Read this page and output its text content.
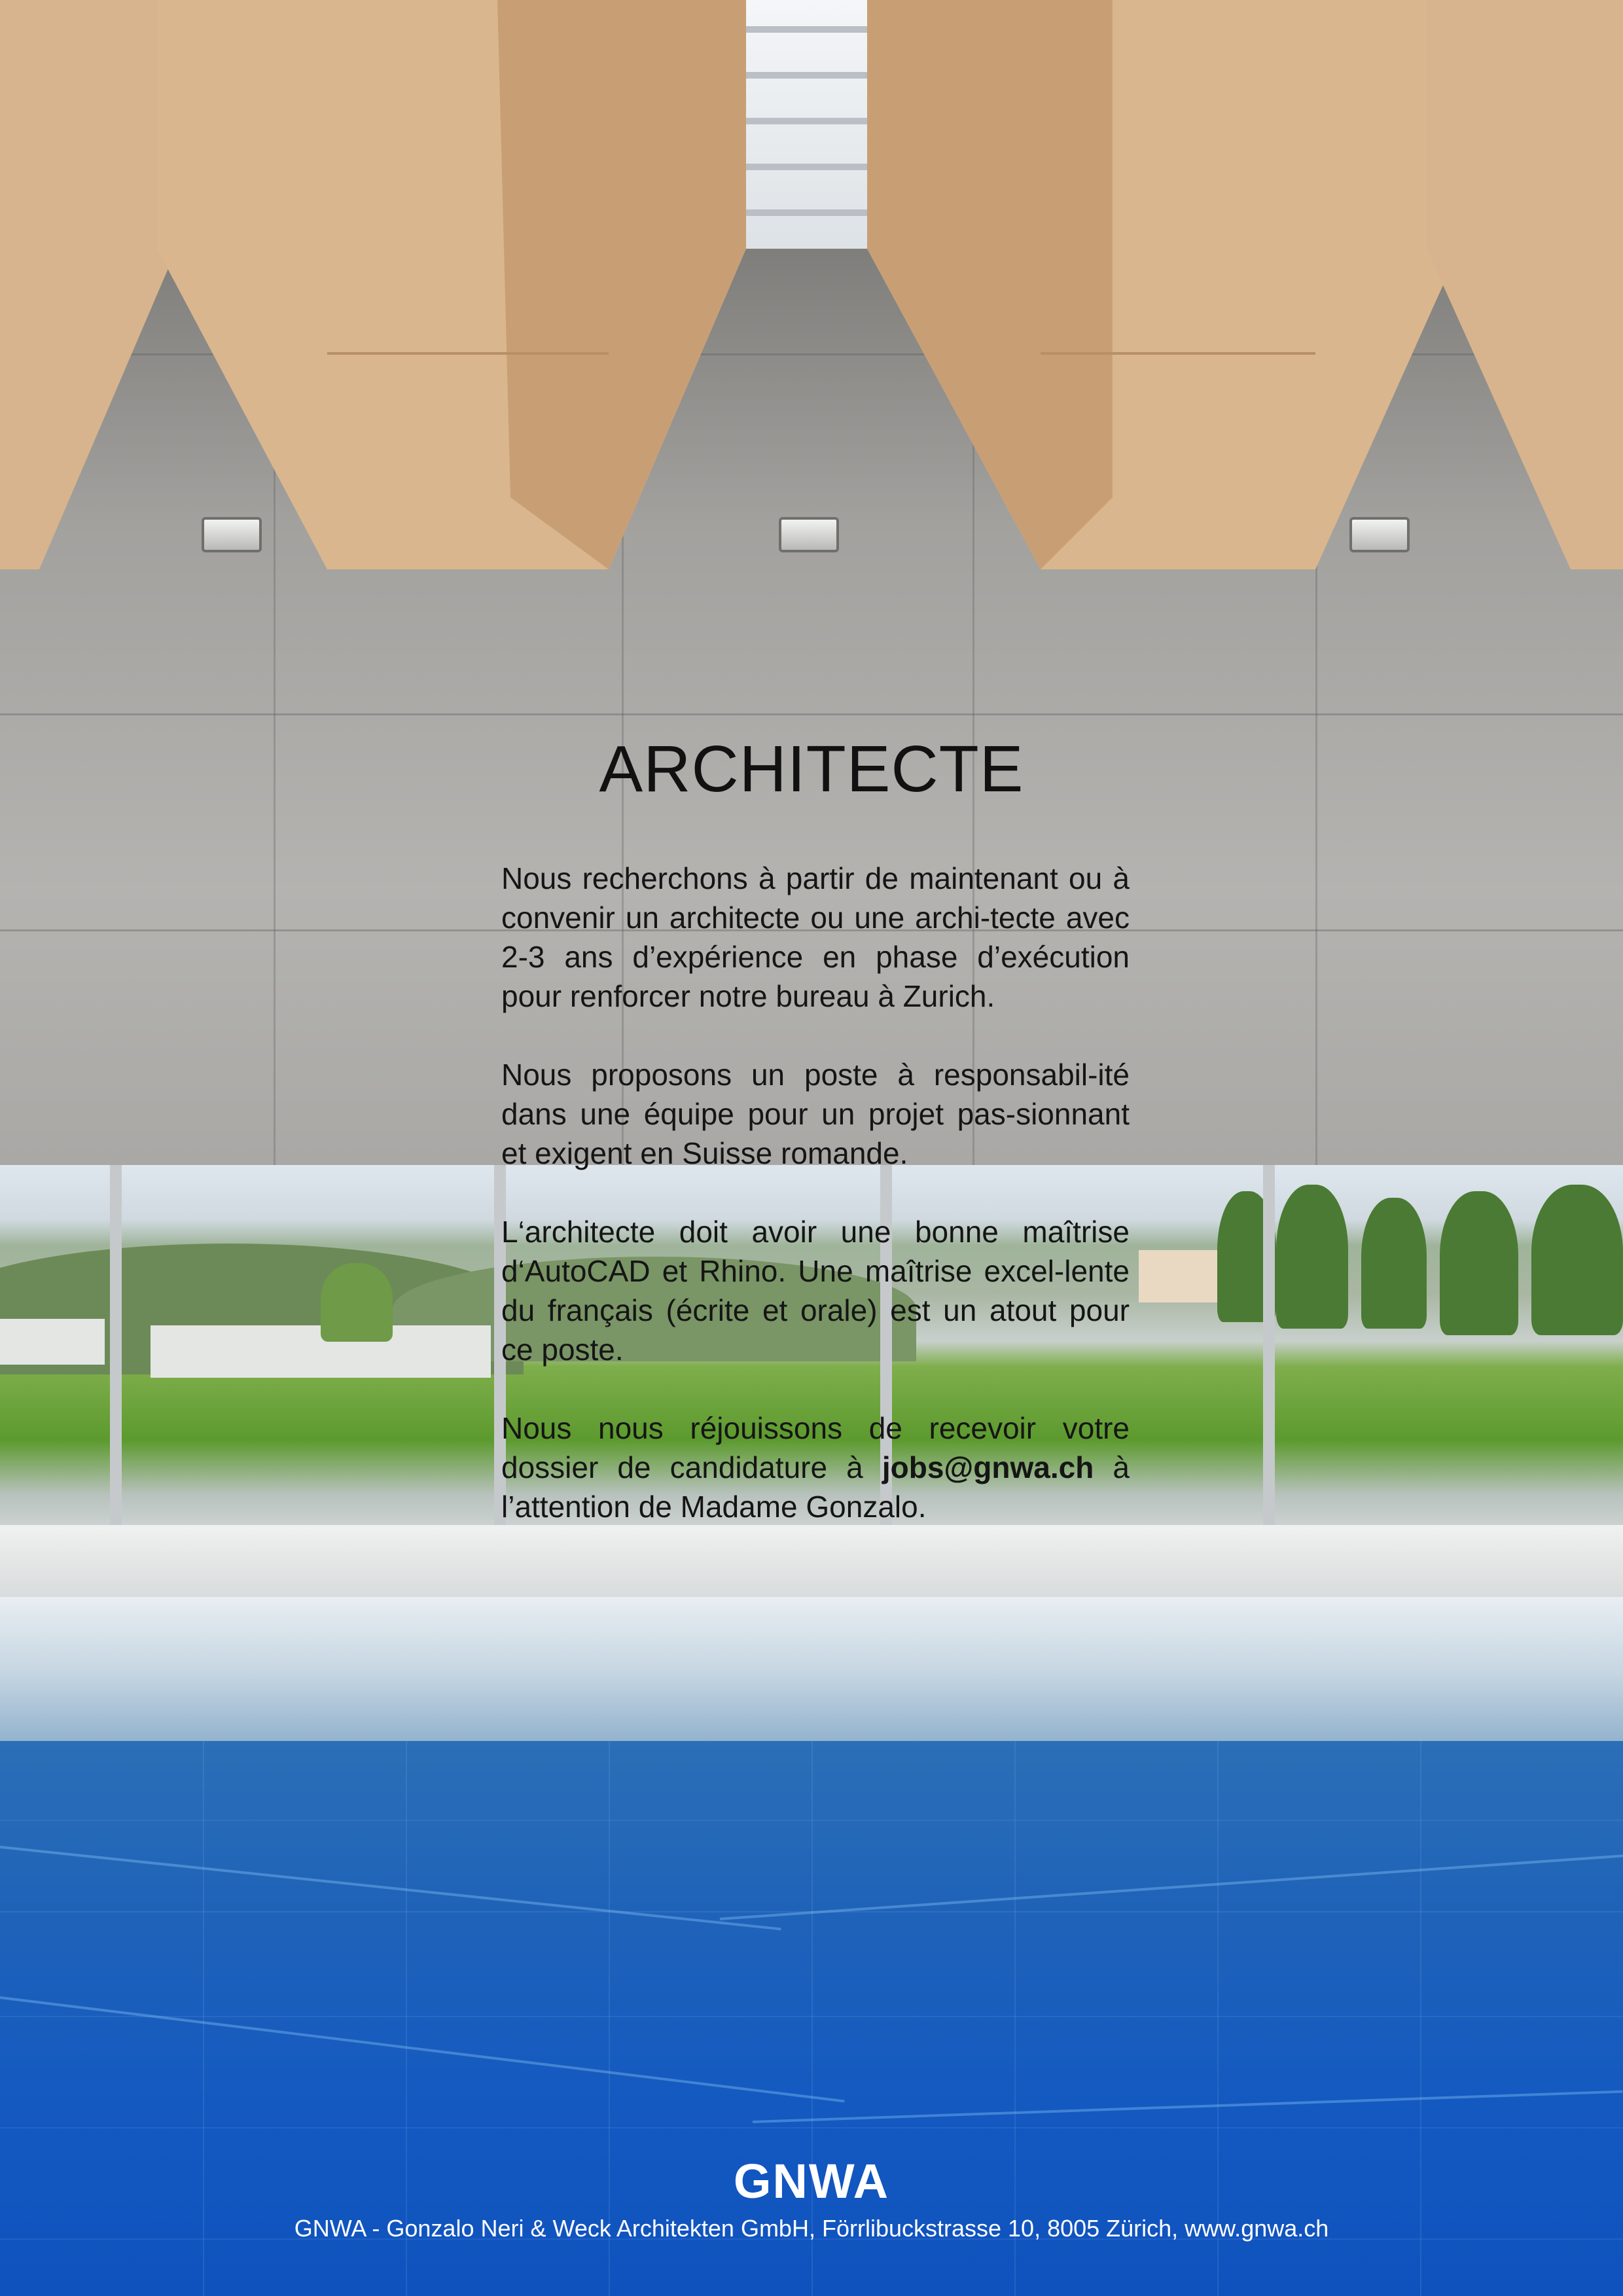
ARCHITECTE

Nous recherchons à partir de maintenant ou à convenir un architecte ou une archi-tecte avec 2-3 ans d’expérience en phase d’exécution pour renforcer notre bureau à Zurich.

Nous proposons un poste à responsabil-ité dans une équipe pour un projet pas-sionnant et exigent en Suisse romande.

L‘architecte doit avoir une bonne maîtrise d‘AutoCAD et Rhino. Une maîtrise excel-lente du français (écrite et orale) est un atout pour ce poste.

Nous nous réjouissons de recevoir votre dossier de candidature à jobs@gnwa.ch à l’attention de Madame Gonzalo.

GNWA
GNWA - Gonzalo Neri & Weck Architekten GmbH, Förrlibuckstrasse 10, 8005 Zürich, www.gnwa.ch
